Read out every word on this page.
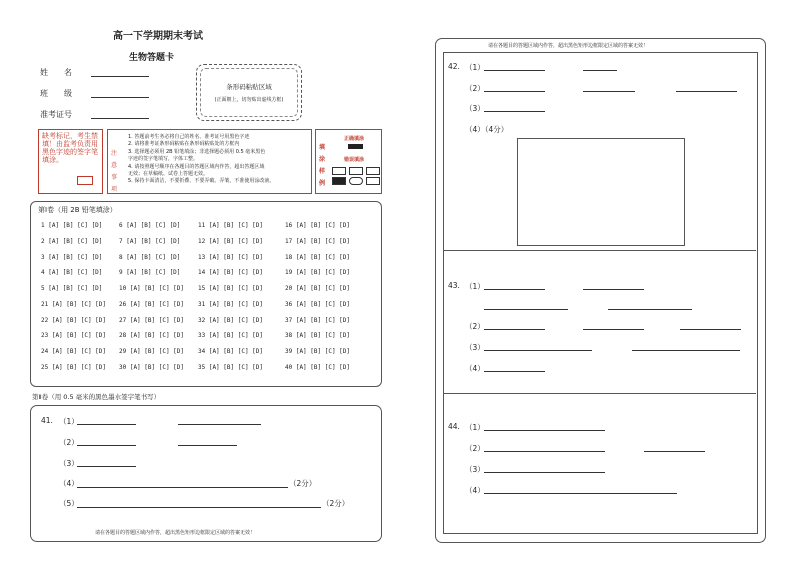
高一下学期期末考试
生物答题卡
姓　　名
班　　级
准考证号
条形码粘贴区域
(正面朝上，切勿贴出虚线方框)
缺考标记，考生禁填！由监考负责用黑色字迹的签字笔填涂。
注意事项
1. 答题前考生务必将自己的姓名、准考证号用黑色字迹
2. 请将准考证条形码粘贴在条形码粘贴处的方框内
3. 选择题必须用 2B 铅笔填涂；非选择题必须用 0.5 毫米黑色
字迹的签字笔填写，字体工整。
4. 请按照题号顺序在各题目的答题区域内作答，超出答题区域
无效；在草稿纸、试卷上答题无效。
5. 保持卡面清洁，不要折叠、不要弄破、弄皱，不准使用涂改液。
填涂样例
正确填涂
错误填涂
第Ⅰ卷（用 2B 铅笔填涂）
1 [A] [B] [C] [D]
2 [A] [B] [C] [D]
3 [A] [B] [C] [D]
4 [A] [B] [C] [D]
5 [A] [B] [C] [D]
21 [A] [B] [C] [D]
22 [A] [B] [C] [D]
23 [A] [B] [C] [D]
24 [A] [B] [C] [D]
25 [A] [B] [C] [D]
6 [A] [B] [C] [D]
7 [A] [B] [C] [D]
8 [A] [B] [C] [D]
9 [A] [B] [C] [D]
10 [A] [B] [C] [D]
26 [A] [B] [C] [D]
27 [A] [B] [C] [D]
28 [A] [B] [C] [D]
29 [A] [B] [C] [D]
30 [A] [B] [C] [D]
11 [A] [B] [C] [D]
12 [A] [B] [C] [D]
13 [A] [B] [C] [D]
14 [A] [B] [C] [D]
15 [A] [B] [C] [D]
31 [A] [B] [C] [D]
32 [A] [B] [C] [D]
33 [A] [B] [C] [D]
34 [A] [B] [C] [D]
35 [A] [B] [C] [D]
16 [A] [B] [C] [D]
17 [A] [B] [C] [D]
18 [A] [B] [C] [D]
19 [A] [B] [C] [D]
20 [A] [B] [C] [D]
36 [A] [B] [C] [D]
37 [A] [B] [C] [D]
38 [A] [B] [C] [D]
39 [A] [B] [C] [D]
40 [A] [B] [C] [D]
第Ⅱ卷（用 0.5 毫米的黑色墨水签字笔书写）
41. （1）
（2）
（3）
（4）	（2分）
（5）	（2分）
请在各题目的答题区域内作答，超出黑色矩形边框限定区域的答案无效！
请在各题目的答题区域内作答，超出黑色矩形边框限定区域的答案无效！
42. （1）
（2）
（3）
（4）（4分）
43. （1）
（2）
（3）
（4）
44. （1）
（2）
（3）
（4）
